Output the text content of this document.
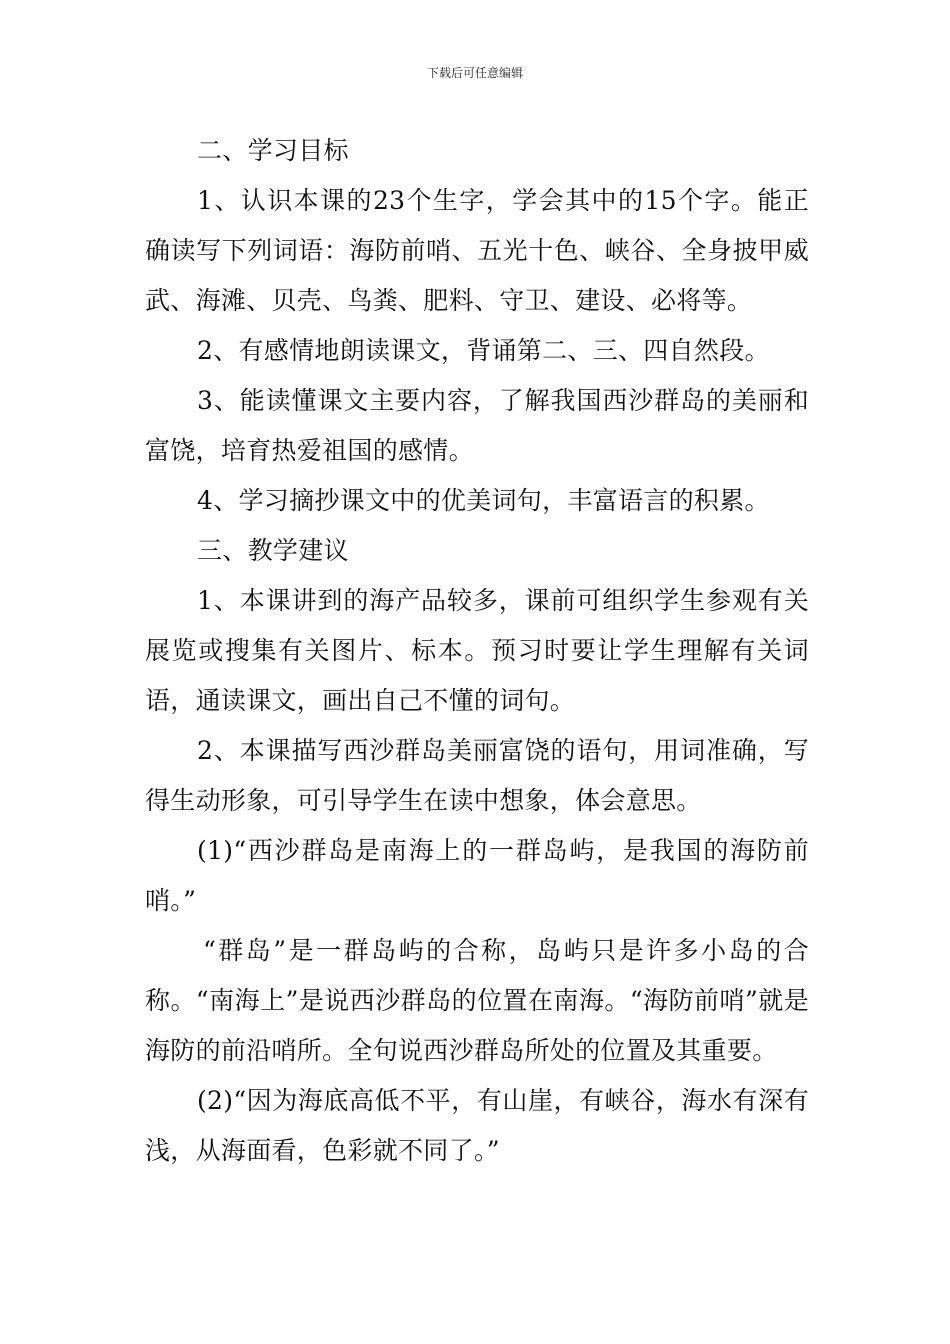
下载后可任意编辑

二、学习目标

1、认识本课的23个生字，学会其中的15个字。能正确读写下列词语：海防前哨、五光十色、峡谷、全身披甲威武、海滩、贝壳、鸟粪、肥料、守卫、建设、必将等。

2、有感情地朗读课文，背诵第二、三、四自然段。

3、能读懂课文主要内容，了解我国西沙群岛的美丽和富饶，培育热爱祖国的感情。

4、学习摘抄课文中的优美词句，丰富语言的积累。

三、教学建议

1、本课讲到的海产品较多，课前可组织学生参观有关展览或搜集有关图片、标本。预习时要让学生理解有关词语，通读课文，画出自己不懂的词句。

2、本课描写西沙群岛美丽富饶的语句，用词准确，写得生动形象，可引导学生在读中想象，体会意思。

(1)“西沙群岛是南海上的一群岛屿，是我国的海防前哨。”

“群岛”是一群岛屿的合称，岛屿只是许多小岛的合称。“南海上”是说西沙群岛的位置在南海。“海防前哨”就是海防的前沿哨所。全句说西沙群岛所处的位置及其重要。

(2)“因为海底高低不平，有山崖，有峡谷，海水有深有浅，从海面看，色彩就不同了。”
